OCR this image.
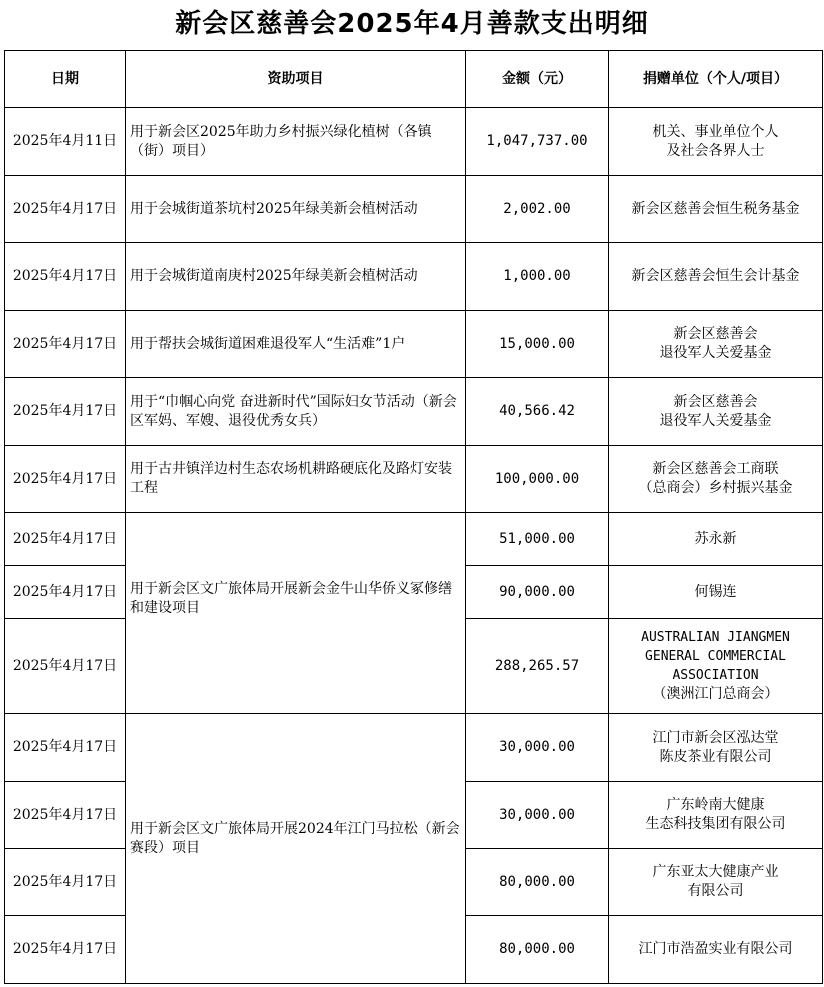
新会区慈善会2025年4月善款支出明细
日期	资助项目	金额（元）	捐赠单位（个人/项目）
2025年4月11日	用于新会区2025年助力乡村振兴绿化植树（各镇（街）项目）	1,047,737.00	机关、事业单位个人
及社会各界人士

2025年4月17日	用于会城街道茶坑村2025年绿美新会植树活动	2,002.00	新会区慈善会恒生税务基金

2025年4月17日	用于会城街道南庚村2025年绿美新会植树活动	1,000.00	新会区慈善会恒生会计基金

2025年4月17日	用于帮扶会城街道困难退役军人“生活难”1户	15,000.00	新会区慈善会
退役军人关爱基金

2025年4月17日	用于“巾帼心向党 奋进新时代”国际妇女节活动（新会区军妈、军嫂、退役优秀女兵）	40,566.42	新会区慈善会
退役军人关爱基金

2025年4月17日	用于古井镇洋边村生态农场机耕路硬底化及路灯安装工程	100,000.00	新会区慈善会工商联
（总商会）乡村振兴基金

2025年4月17日	用于新会区文广旅体局开展新会金牛山华侨义冢修缮和建设项目	51,000.00	苏永新

2025年4月17日		90,000.00	何锡连

2025年4月17日		288,265.57	AUSTRALIAN JIANGMEN
GENERAL COMMERCIAL
ASSOCIATION
（澳洲江门总商会）

2025年4月17日	用于新会区文广旅体局开展2024年江门马拉松（新会赛段）项目	30,000.00	江门市新会区泓达堂
陈皮茶业有限公司

2025年4月17日		30,000.00	广东岭南大健康
生态科技集团有限公司

2025年4月17日		80,000.00	广东亚太大健康产业
有限公司

2025年4月17日		80,000.00	江门市浩盈实业有限公司
